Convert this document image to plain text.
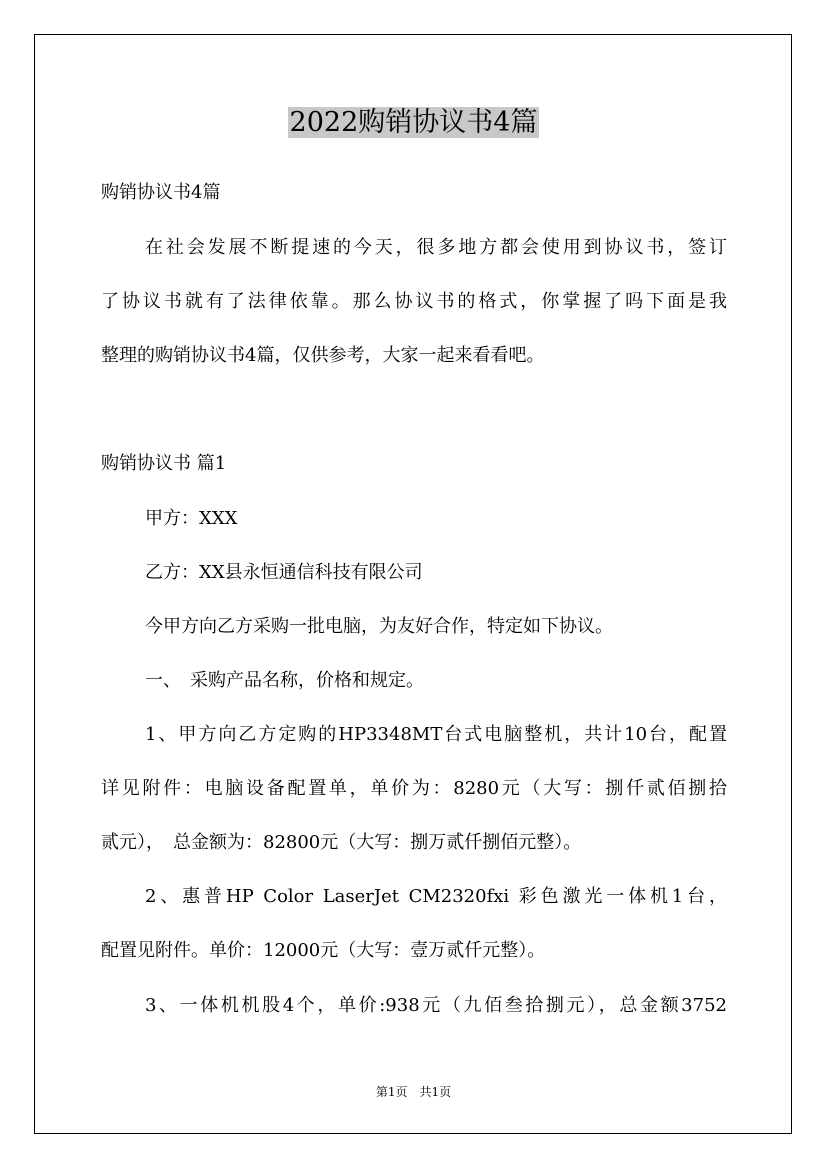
2022购销协议书4篇
购销协议书4篇
在社会发展不断提速的今天，很多地方都会使用到协议书，签订
了协议书就有了法律依靠。那么协议书的格式，你掌握了吗下面是我
整理的购销协议书4篇，仅供参考，大家一起来看看吧。
购销协议书 篇1
甲方：XXX
乙方：XX县永恒通信科技有限公司
今甲方向乙方采购一批电脑，为友好合作，特定如下协议。
一、　采购产品名称，价格和规定。
1、甲方向乙方定购的HP3348MT台式电脑整机，共计10台，配置
详见附件：电脑设备配置单，单价为：8280元（大写：捌仟贰佰捌拾
贰元），　总金额为：82800元（大写：捌万贰仟捌佰元整）。
2、惠普HP Color LaserJet CM2320fxi 彩色激光一体机1台，
配置见附件。单价：12000元（大写：壹万贰仟元整）。
3、一体机机股4个，单价:938元（九佰叁拾捌元），总金额3752
第1页　共1页
